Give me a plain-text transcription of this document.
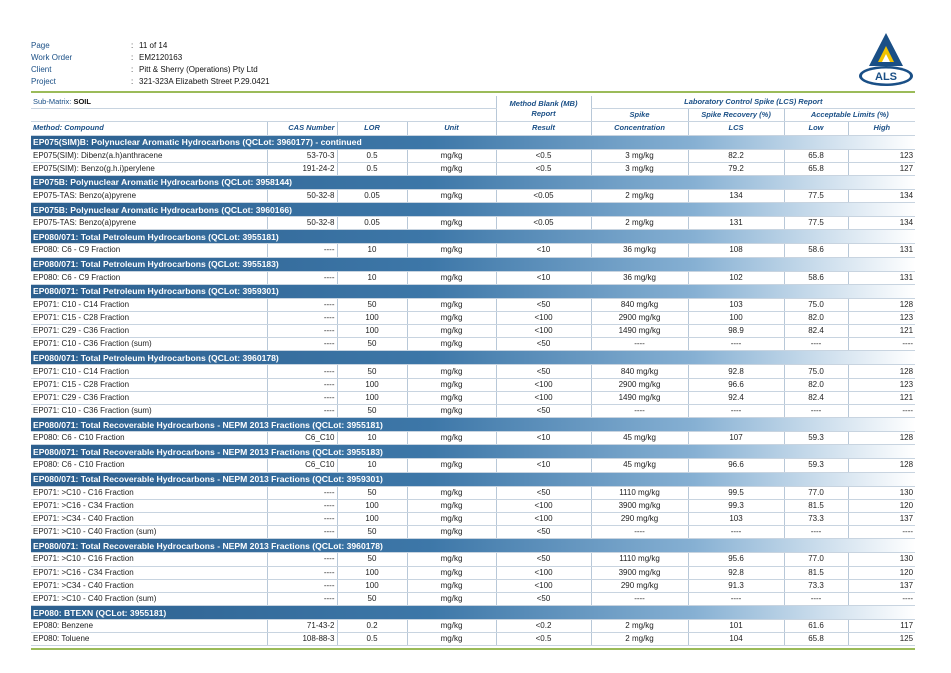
Page	: 11 of 14
Work Order	: EM2120163
Client	: Pitt & Sherry (Operations) Pty Ltd
Project	: 321-323A Elizabeth Street P.29.0421	ALS
Sub-Matrix: SOIL				Method Blank (MB) Report	Laboratory Control Spike (LCS) Report			
					Spike	Spike Recovery (%)	Acceptable Limits (%)	
Method: Compound	CAS Number	LOR	Unit	Result	Concentration	LCS	Low	High
EP075(SIM)B: Polynuclear Aromatic Hydrocarbons (QCLot: 3960177) - continued								
EP075(SIM): Dibenz(a.h)anthracene	53-70-3	0.5	mg/kg	<0.5	3 mg/kg	82.2	65.8	123
EP075(SIM): Benzo(g.h.i)perylene	191-24-2	0.5	mg/kg	<0.5	3 mg/kg	79.2	65.8	127
EP075B: Polynuclear Aromatic Hydrocarbons (QCLot: 3958144)								
EP075-TAS: Benzo(a)pyrene	50-32-8	0.05	mg/kg	<0.05	2 mg/kg	134	77.5	134
EP075B: Polynuclear Aromatic Hydrocarbons (QCLot: 3960166)								
EP075-TAS: Benzo(a)pyrene	50-32-8	0.05	mg/kg	<0.05	2 mg/kg	131	77.5	134
EP080/071: Total Petroleum Hydrocarbons (QCLot: 3955181)								
EP080: C6 - C9 Fraction	----	10	mg/kg	<10	36 mg/kg	108	58.6	131
EP080/071: Total Petroleum Hydrocarbons (QCLot: 3955183)								
EP080: C6 - C9 Fraction	----	10	mg/kg	<10	36 mg/kg	102	58.6	131
EP080/071: Total Petroleum Hydrocarbons (QCLot: 3959301)								
EP071: C10 - C14 Fraction	----	50	mg/kg	<50	840 mg/kg	103	75.0	128
EP071: C15 - C28 Fraction	----	100	mg/kg	<100	2900 mg/kg	100	82.0	123
EP071: C29 - C36 Fraction	----	100	mg/kg	<100	1490 mg/kg	98.9	82.4	121
EP071: C10 - C36 Fraction (sum)	----	50	mg/kg	<50	----	----	----	----
EP080/071: Total Petroleum Hydrocarbons (QCLot: 3960178)								
EP071: C10 - C14 Fraction	----	50	mg/kg	<50	840 mg/kg	92.8	75.0	128
EP071: C15 - C28 Fraction	----	100	mg/kg	<100	2900 mg/kg	96.6	82.0	123
EP071: C29 - C36 Fraction	----	100	mg/kg	<100	1490 mg/kg	92.4	82.4	121
EP071: C10 - C36 Fraction (sum)	----	50	mg/kg	<50	----	----	----	----
EP080/071: Total Recoverable Hydrocarbons - NEPM 2013 Fractions (QCLot: 3955181)								
EP080: C6 - C10 Fraction	C6_C10	10	mg/kg	<10	45 mg/kg	107	59.3	128
EP080/071: Total Recoverable Hydrocarbons - NEPM 2013 Fractions (QCLot: 3955183)								
EP080: C6 - C10 Fraction	C6_C10	10	mg/kg	<10	45 mg/kg	96.6	59.3	128
EP080/071: Total Recoverable Hydrocarbons - NEPM 2013 Fractions (QCLot: 3959301)								
EP071: >C10 - C16 Fraction	----	50	mg/kg	<50	1110 mg/kg	99.5	77.0	130
EP071: >C16 - C34 Fraction	----	100	mg/kg	<100	3900 mg/kg	99.3	81.5	120
EP071: >C34 - C40 Fraction	----	100	mg/kg	<100	290 mg/kg	103	73.3	137
EP071: >C10 - C40 Fraction (sum)	----	50	mg/kg	<50	----	----	----	----
EP080/071: Total Recoverable Hydrocarbons - NEPM 2013 Fractions (QCLot: 3960178)								
EP071: >C10 - C16 Fraction	----	50	mg/kg	<50	1110 mg/kg	95.6	77.0	130
EP071: >C16 - C34 Fraction	----	100	mg/kg	<100	3900 mg/kg	92.8	81.5	120
EP071: >C34 - C40 Fraction	----	100	mg/kg	<100	290 mg/kg	91.3	73.3	137
EP071: >C10 - C40 Fraction (sum)	----	50	mg/kg	<50	----	----	----	----
EP080: BTEXN (QCLot: 3955181)								
EP080: Benzene	71-43-2	0.2	mg/kg	<0.2	2 mg/kg	101	61.6	117
EP080: Toluene	108-88-3	0.5	mg/kg	<0.5	2 mg/kg	104	65.8	125
